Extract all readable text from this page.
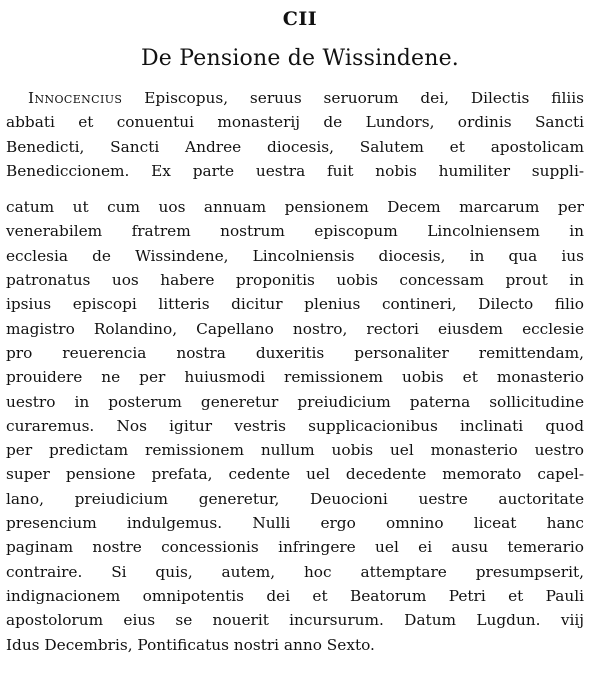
CII
De Pensione de Wissindene.
Innocencius Episcopus, seruus seruorum dei, Dilectis filiis
abbati et conuentui monasterij de Lundors, ordinis Sancti
Benedicti, Sancti Andree diocesis, Salutem et apostolicam
Benediccionem. Ex parte uestra fuit nobis humiliter suppli-
catum ut cum uos annuam pensionem Decem marcarum per
venerabilem fratrem nostrum episcopum Lincolniensem in
ecclesia de Wissindene, Lincolniensis diocesis, in qua ius
patronatus uos habere proponitis uobis concessam prout in
ipsius episcopi litteris dicitur plenius contineri, Dilecto filio
magistro Rolandino, Capellano nostro, rectori eiusdem ecclesie
pro reuerencia nostra duxeritis personaliter remittendam,
prouidere ne per huiusmodi remissionem uobis et monasterio
uestro in posterum generetur preiudicium paterna sollicitudine
curaremus. Nos igitur vestris supplicacionibus inclinati quod
per predictam remissionem nullum uobis uel monasterio uestro
super pensione prefata, cedente uel decedente memorato capel-
lano, preiudicium generetur, Deuocioni uestre auctoritate
presencium indulgemus. Nulli ergo omnino liceat hanc
paginam nostre concessionis infringere uel ei ausu temerario
contraire. Si quis, autem, hoc attemptare presumpserit,
indignacionem omnipotentis dei et Beatorum Petri et Pauli
apostolorum eius se nouerit incursurum. Datum Lugdun. viij
Idus Decembris, Pontificatus nostri anno Sexto.
